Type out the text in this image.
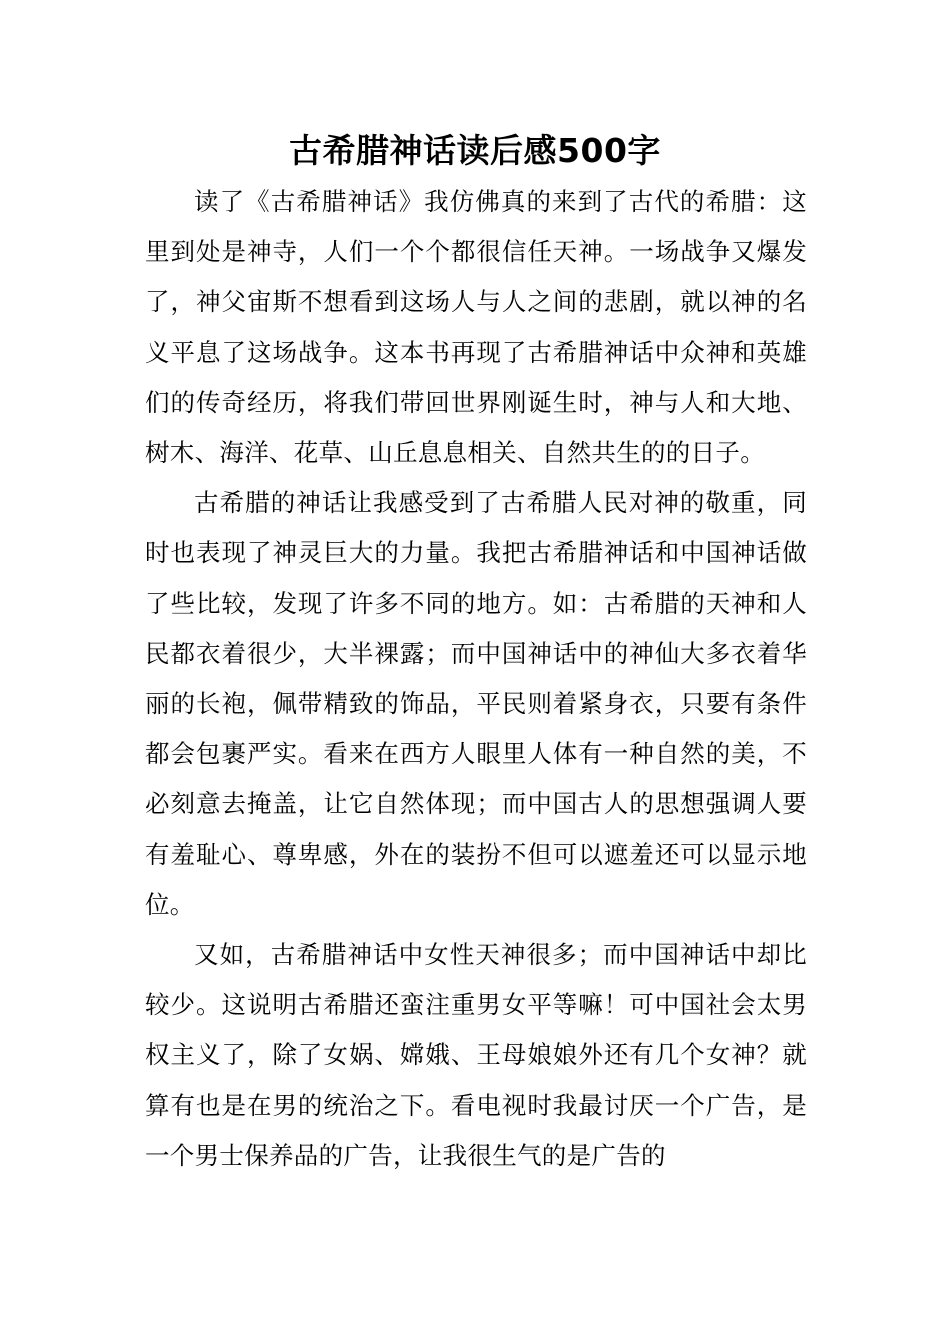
古希腊神话读后感500字

读了《古希腊神话》我仿佛真的来到了古代的希腊：这里到处是神寺，人们一个个都很信任天神。一场战争又爆发了，神父宙斯不想看到这场人与人之间的悲剧，就以神的名义平息了这场战争。这本书再现了古希腊神话中众神和英雄们的传奇经历，将我们带回世界刚诞生时，神与人和大地、树木、海洋、花草、山丘息息相关、自然共生的的日子。

古希腊的神话让我感受到了古希腊人民对神的敬重，同时也表现了神灵巨大的力量。我把古希腊神话和中国神话做了些比较，发现了许多不同的地方。如：古希腊的天神和人民都衣着很少，大半裸露；而中国神话中的神仙大多衣着华丽的长袍，佩带精致的饰品，平民则着紧身衣，只要有条件都会包裹严实。看来在西方人眼里人体有一种自然的美，不必刻意去掩盖，让它自然体现；而中国古人的思想强调人要有羞耻心、尊卑感，外在的装扮不但可以遮羞还可以显示地位。

又如，古希腊神话中女性天神很多；而中国神话中却比较少。这说明古希腊还蛮注重男女平等嘛！可中国社会太男权主义了，除了女娲、嫦娥、王母娘娘外还有几个女神？就算有也是在男的统治之下。看电视时我最讨厌一个广告，是一个男士保养品的广告，让我很生气的是广告的
